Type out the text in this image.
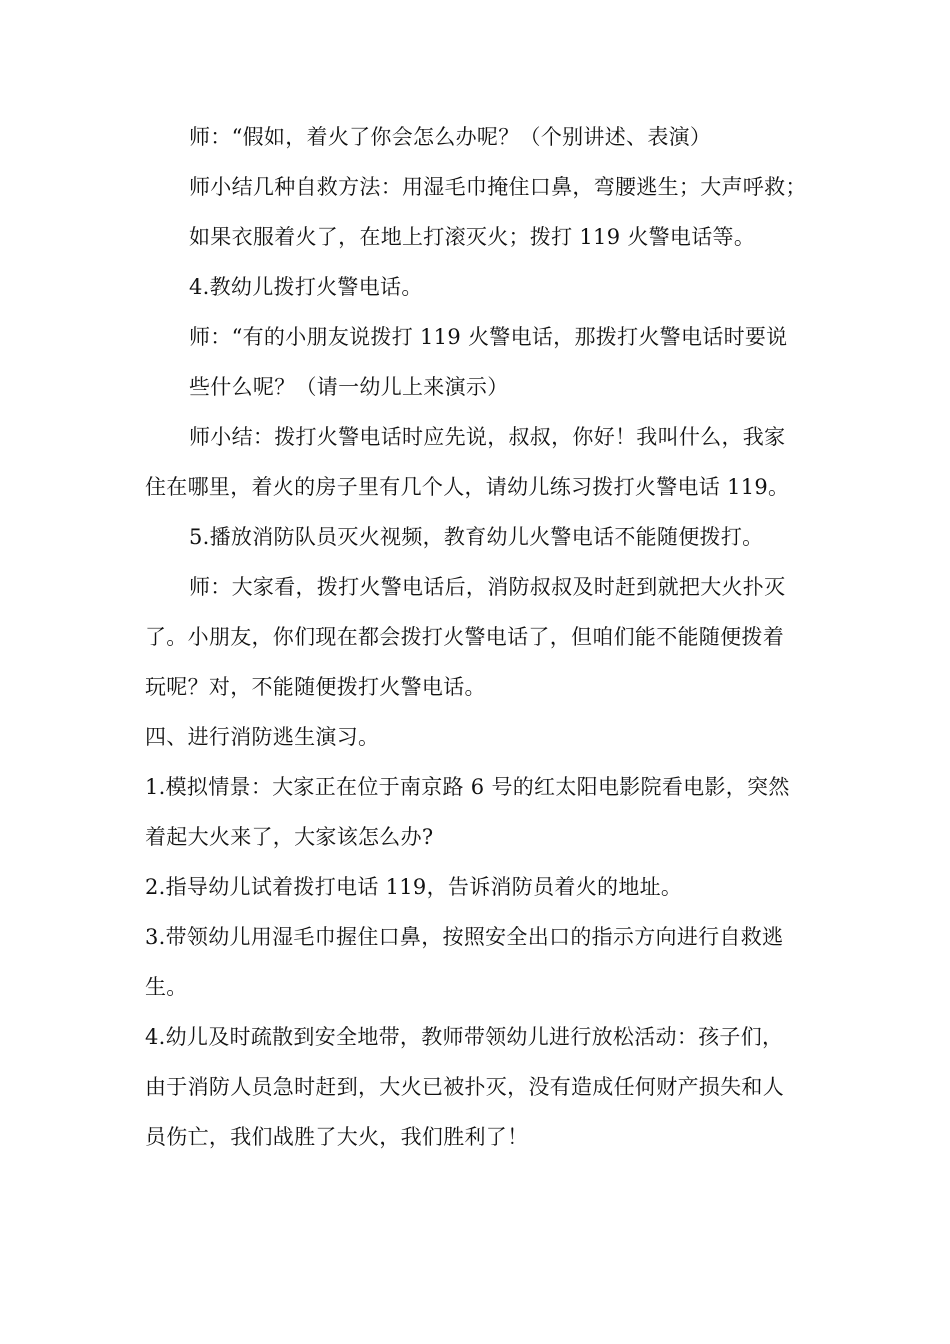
师：“假如，着火了你会怎么办呢？（个别讲述、表演）
师小结几种自救方法：用湿毛巾掩住口鼻，弯腰逃生；大声呼救；
如果衣服着火了，在地上打滚灭火；拨打 119 火警电话等。
4.教幼儿拨打火警电话。
师：“有的小朋友说拨打 119 火警电话，那拨打火警电话时要说
些什么呢？（请一幼儿上来演示）
师小结：拨打火警电话时应先说，叔叔，你好！我叫什么，我家
住在哪里，着火的房子里有几个人，请幼儿练习拨打火警电话 119。
5.播放消防队员灭火视频，教育幼儿火警电话不能随便拨打。
师：大家看，拨打火警电话后，消防叔叔及时赶到就把大火扑灭
了。小朋友，你们现在都会拨打火警电话了，但咱们能不能随便拨着
玩呢？对，不能随便拨打火警电话。
四、进行消防逃生演习。
1.模拟情景：大家正在位于南京路 6 号的红太阳电影院看电影，突然
着起大火来了，大家该怎么办?
2.指导幼儿试着拨打电话 119，告诉消防员着火的地址。
3.带领幼儿用湿毛巾握住口鼻，按照安全出口的指示方向进行自救逃
生。
4.幼儿及时疏散到安全地带，教师带领幼儿进行放松活动：孩子们，
由于消防人员急时赶到，大火已被扑灭，没有造成任何财产损失和人
员伤亡，我们战胜了大火，我们胜利了！
